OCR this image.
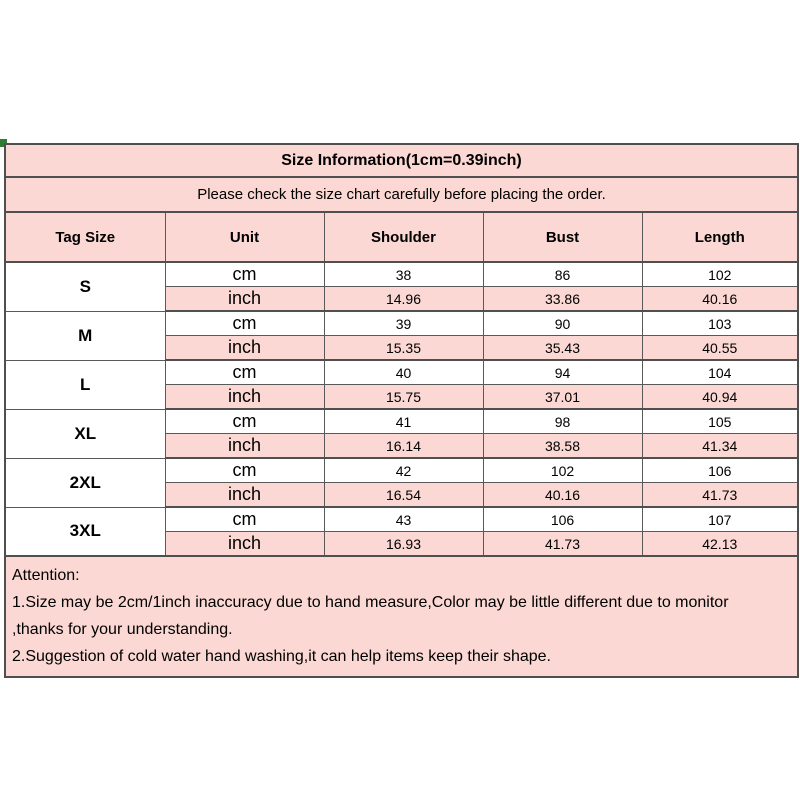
Size Information(1cm=0.39inch)				
Please check the size chart carefully before placing the order.				
Tag Size	Unit	Shoulder	Bust	Length
S	cm	38	86	102
	inch	14.96	33.86	40.16
M	cm	39	90	103
	inch	15.35	35.43	40.55
L	cm	40	94	104
	inch	15.75	37.01	40.94
XL	cm	41	98	105
	inch	16.14	38.58	41.34
2XL	cm	42	102	106
	inch	16.54	40.16	41.73
3XL	cm	43	106	107
	inch	16.93	41.73	42.13

Attention:
1.Size may be 2cm/1inch inaccuracy due to hand measure,Color may be little different due to monitor
,thanks for your understanding.
2.Suggestion of cold water hand washing,it can help items keep their shape.				
